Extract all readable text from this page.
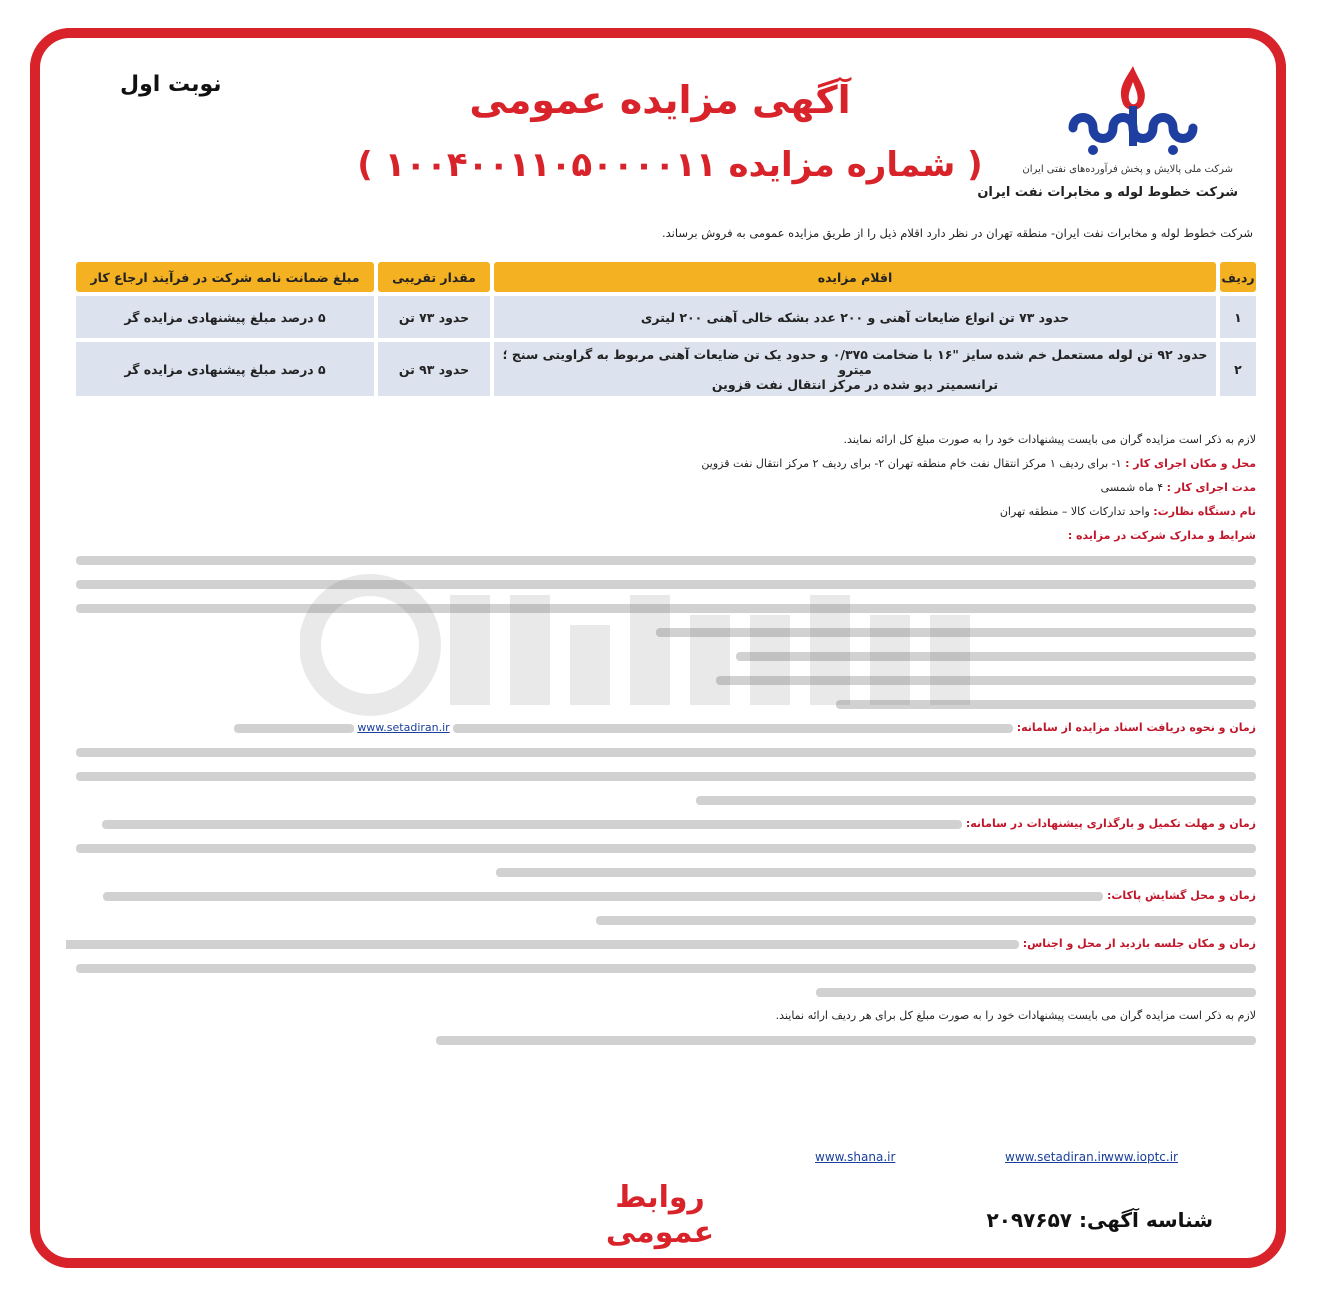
نوبت اول	آگهی مزایده عمومی
( شماره مزایده ۱۰۰۴۰۰۱۱۰۵۰۰۰۰۱۱ )	شرکت ملی پالایش و پخش فرآورده‌های نفتی ایران
شرکت خطوط لوله و مخابرات نفت ایران
شرکت خطوط لوله و مخابرات نفت ایران- منطقه تهران در نظر دارد اقلام ذیل را از طریق مزایده عمومی به فروش برساند.
ردیف	اقلام مزایده	مقدار تقریبی	مبلغ ضمانت نامه شرکت در فرآیند ارجاع کار
۱	حدود ۷۳ تن انواع ضایعات آهنی و ۲۰۰ عدد بشکه خالی آهنی ۲۰۰ لیتری	حدود ۷۳ تن	۵ درصد مبلغ پیشنهادی مزایده گر
۲	حدود ۹۲ تن لوله مستعمل خم شده سایز "۱۶ با ضخامت ۰/۳۷۵ و حدود یک تن ضایعات آهنی مربوط به گراویتی سنج ؛ میترو
ترانسمیتر دپو شده در مرکز انتقال نفت قزوین	حدود ۹۳ تن	۵ درصد مبلغ پیشنهادی مزایده گر
لازم به ذکر است مزایده گران می بایست پیشنهادات خود را به صورت مبلغ کل ارائه نمایند.
محل و مکان اجرای کار : ۱- برای ردیف ۱ مرکز انتقال نفت خام منطقه تهران ۲- برای ردیف ۲ مرکز انتقال نفت قزوین
مدت اجرای کار : ۴ ماه شمسی
نام دستگاه نظارت: واحد تدارکات کالا – منطقه تهران
شرایط و مدارک شرکت در مزایده :
زمان و نحوه دریافت اسناد مزایده از سامانه:  www.setadiran.ir
زمان و مهلت تکمیل و بارگذاری پیشنهادات در سامانه:
زمان و محل گشایش پاکات:
زمان و مکان جلسه بازدید از محل و اجناس:
لازم به ذکر است مزایده گران می بایست پیشنهادات خود را به صورت مبلغ کل برای هر ردیف ارائه نمایند.
www.ioptc.ir
www.setadiran.ir
www.shana.ir
روابط عمومی	شناسه آگهی: ۲۰۹۷۶۵۷
